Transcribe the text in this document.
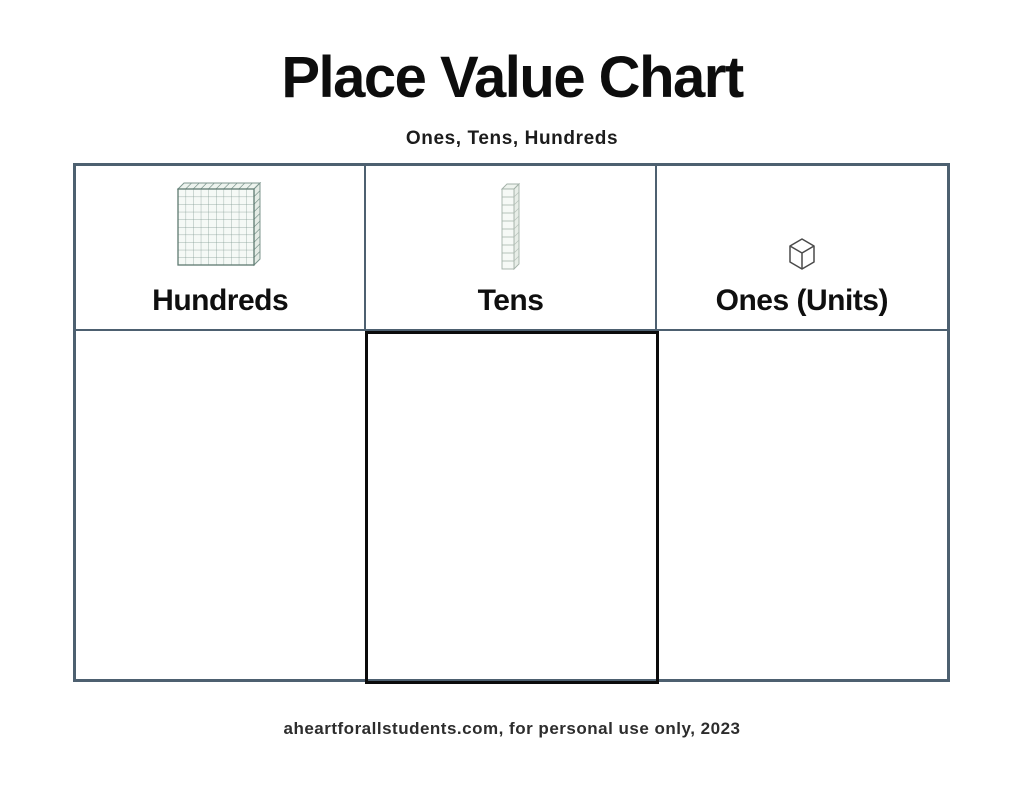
Place Value Chart
Ones, Tens, Hundreds
Hundreds	Tens	Ones (Units)
aheartforallstudents.com, for personal use only, 2023
